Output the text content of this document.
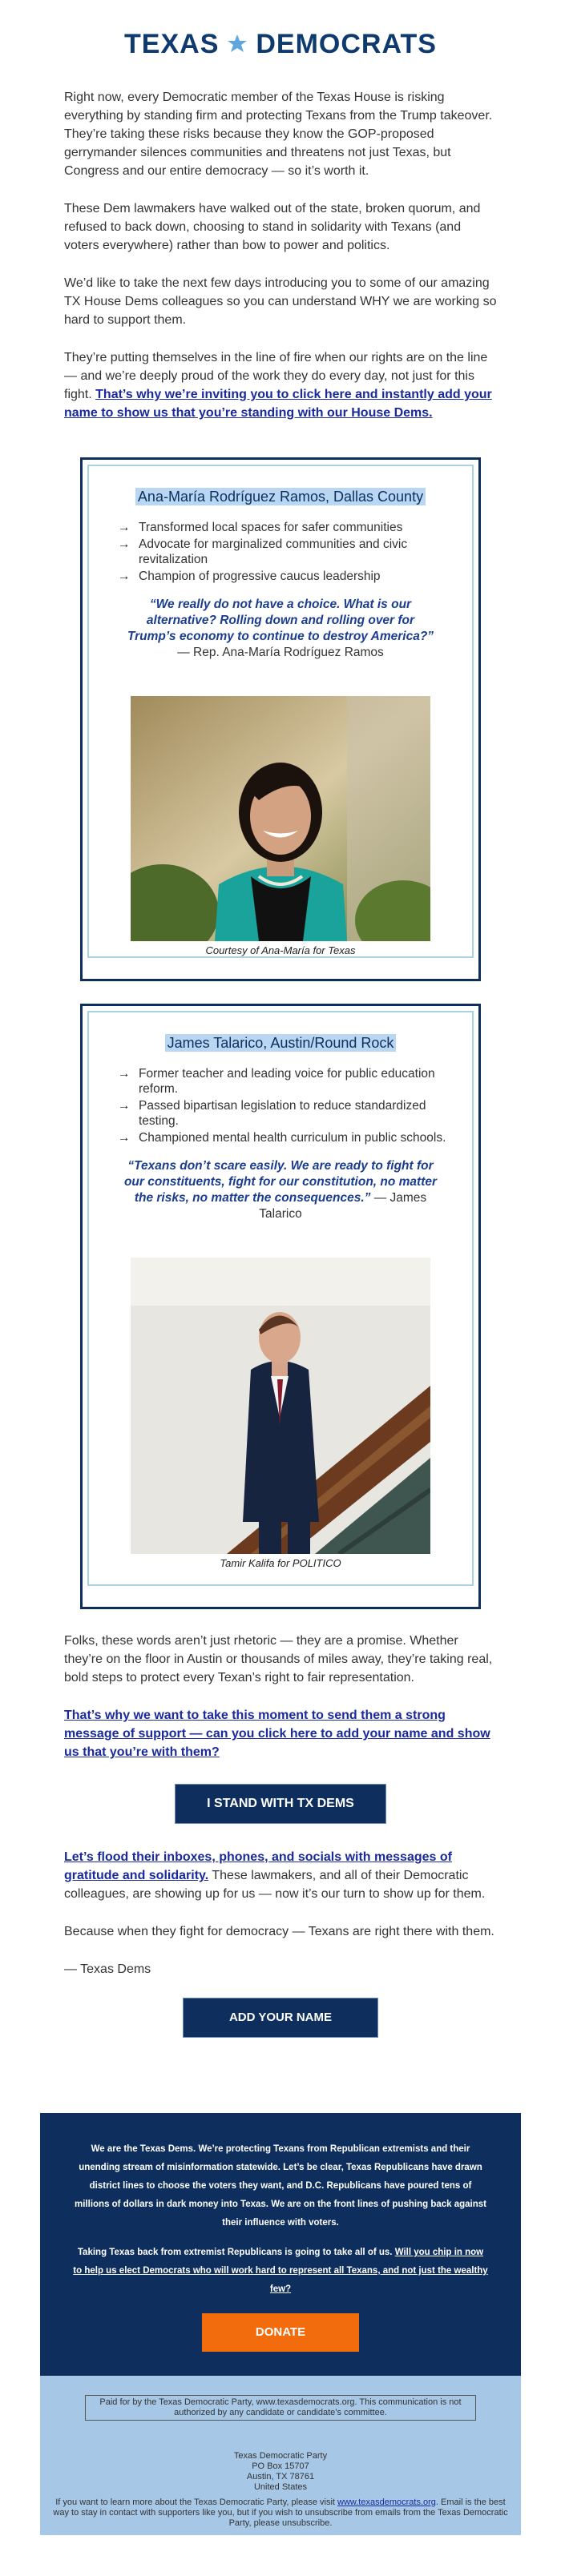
TEXAS DEMOCRATS

Right now, every Democratic member of the Texas House is risking everything by standing firm and protecting Texans from the Trump takeover. They’re taking these risks because they know the GOP-proposed gerrymander silences communities and threatens not just Texas, but Congress and our entire democracy — so it’s worth it.

These Dem lawmakers have walked out of the state, broken quorum, and refused to back down, choosing to stand in solidarity with Texans (and voters everywhere) rather than bow to power and politics.

We’d like to take the next few days introducing you to some of our amazing TX House Dems colleagues so you can understand WHY we are working so hard to support them.

They’re putting themselves in the line of fire when our rights are on the line — and we’re deeply proud of the work they do every day, not just for this fight. That’s why we’re inviting you to click here and instantly add your name to show us that you’re standing with our House Dems.

Ana-María Rodríguez Ramos, Dallas County
→ Transformed local spaces for safer communities
→ Advocate for marginalized communities and civic revitalization
→ Champion of progressive caucus leadership
“We really do not have a choice. What is our alternative? Rolling down and rolling over for Trump’s economy to continue to destroy America?” — Rep. Ana-María Rodríguez Ramos
Courtesy of Ana-María for Texas
James Talarico, Austin/Round Rock
→ Former teacher and leading voice for public education reform.
→ Passed bipartisan legislation to reduce standardized testing.
→ Championed mental health curriculum in public schools.
“Texans don’t scare easily. We are ready to fight for our constituents, fight for our constitution, no matter the risks, no matter the consequences.” — James Talarico
Tamir Kalifa for POLITICO

Folks, these words aren’t just rhetoric — they are a promise. Whether they’re on the floor in Austin or thousands of miles away, they’re taking real, bold steps to protect every Texan’s right to fair representation.

That’s why we want to take this moment to send them a strong message of support — can you click here to add your name and show us that you’re with them?

I STAND WITH TX DEMS

Let’s flood their inboxes, phones, and socials with messages of gratitude and solidarity. These lawmakers, and all of their Democratic colleagues, are showing up for us — now it’s our turn to show up for them.

Because when they fight for democracy — Texans are right there with them.

— Texas Dems

ADD YOUR NAME

We are the Texas Dems. We’re protecting Texans from Republican extremists and their unending stream of misinformation statewide. Let’s be clear, Texas Republicans have drawn district lines to choose the voters they want, and D.C. Republicans have poured tens of millions of dollars in dark money into Texas. We are on the front lines of pushing back against their influence with voters.

Taking Texas back from extremist Republicans is going to take all of us. Will you chip in now to help us elect Democrats who will work hard to represent all Texans, and not just the wealthy few?

DONATE
Paid for by the Texas Democratic Party, www.texasdemocrats.org. This communication is not authorized by any candidate or candidate’s committee.
Texas Democratic Party
PO Box 15707
Austin, TX 78761
United States
If you want to learn more about the Texas Democratic Party, please visit www.texasdemocrats.org. Email is the best way to stay in contact with supporters like you, but if you wish to unsubscribe from emails from the Texas Democratic Party, please unsubscribe.
